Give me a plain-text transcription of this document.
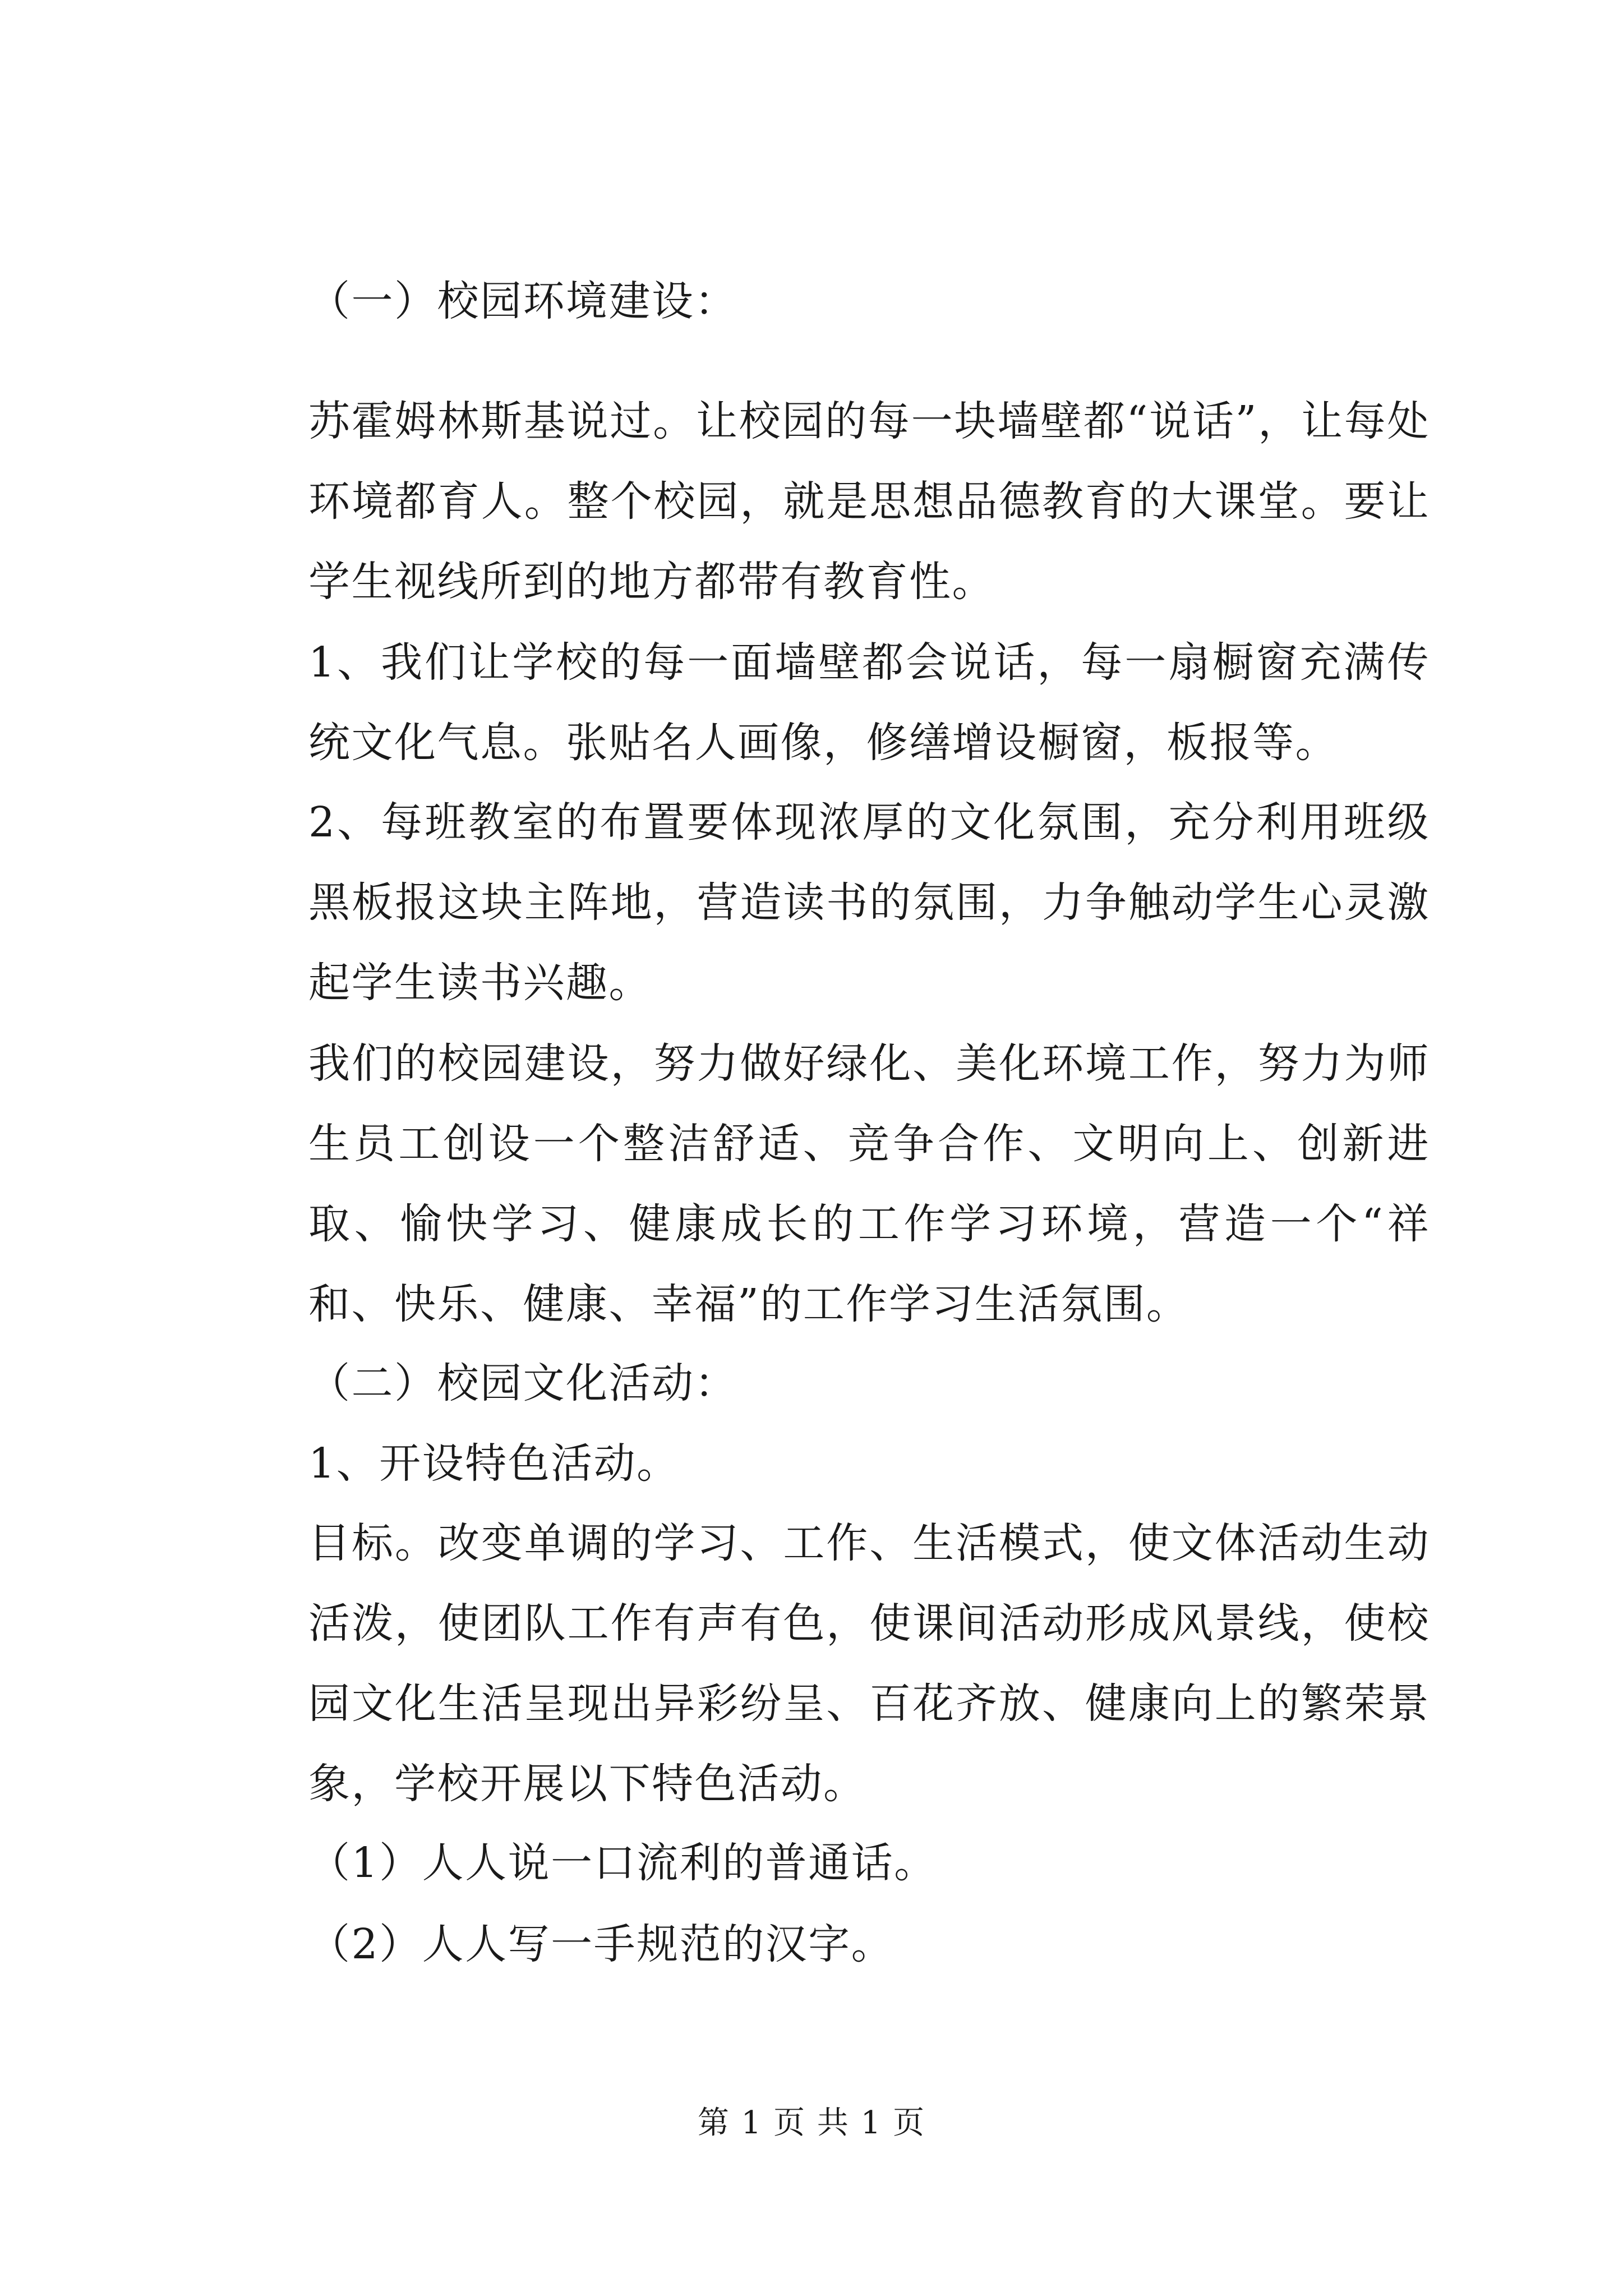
（一）校园环境建设：

苏霍姆林斯基说过。让校园的每一块墙壁都“说话”，让每处环境都育人。整个校园，就是思想品德教育的大课堂。要让学生视线所到的地方都带有教育性。

1、我们让学校的每一面墙壁都会说话，每一扇橱窗充满传统文化气息。张贴名人画像，修缮增设橱窗，板报等。

2、每班教室的布置要体现浓厚的文化氛围，充分利用班级黑板报这块主阵地，营造读书的氛围，力争触动学生心灵激起学生读书兴趣。

我们的校园建设，努力做好绿化、美化环境工作，努力为师生员工创设一个整洁舒适、竞争合作、文明向上、创新进取、愉快学习、健康成长的工作学习环境，营造一个“祥和、快乐、健康、幸福”的工作学习生活氛围。

（二）校园文化活动：

1、开设特色活动。

目标。改变单调的学习、工作、生活模式，使文体活动生动活泼，使团队工作有声有色，使课间活动形成风景线，使校园文化生活呈现出异彩纷呈、百花齐放、健康向上的繁荣景象，学校开展以下特色活动。

（1）人人说一口流利的普通话。

（2）人人写一手规范的汉字。

第 1 页 共 1 页
